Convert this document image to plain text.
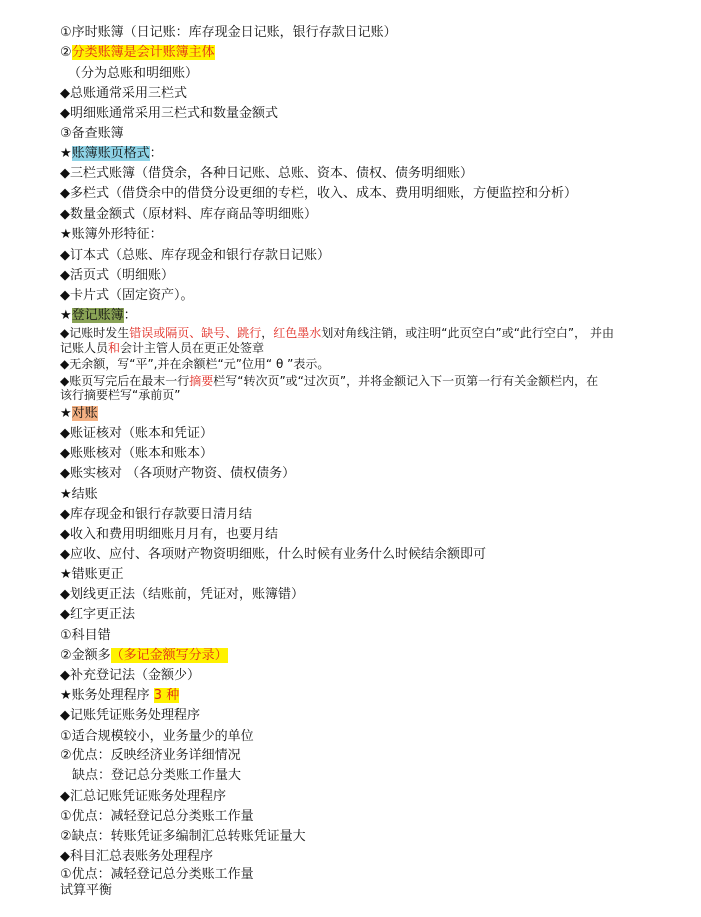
①序时账簿（日记账：库存现金日记账，银行存款日记账）
②分类账簿是会计账簿主体
（分为总账和明细账）
◆总账通常采用三栏式
◆明细账通常采用三栏式和数量金额式
③备查账簿
★账簿账页格式：
◆三栏式账簿（借贷余，各种日记账、总账、资本、债权、债务明细账）
◆多栏式（借贷余中的借贷分设更细的专栏，收入、成本、费用明细账，方便监控和分析）
◆数量金额式（原材料、库存商品等明细账）
★账簿外形特征：
◆订本式（总账、库存现金和银行存款日记账）
◆活页式（明细账）
◆卡片式（固定资产）。
★登记账簿：
◆记账时发生错误或隔页、缺号、跳行，红色墨水划对角线注销，或注明“此页空白”或“此行空白”， 并由
记账人员和会计主管人员在更正处签章
◆无余额，写“平”,并在余额栏“元”位用“ θ ”表示。
◆账页写完后在最末一行摘要栏写“转次页”或“过次页”，并将金额记入下一页第一行有关金额栏内，在
该行摘要栏写“承前页”
★对账
◆账证核对（账本和凭证）
◆账账核对（账本和账本）
◆账实核对 （各项财产物资、债权债务）
★结账
◆库存现金和银行存款要日清月结
◆收入和费用明细账月月有，也要月结
◆应收、应付、各项财产物资明细账，什么时候有业务什么时候结余额即可
★错账更正
◆划线更正法（结账前，凭证对，账簿错）
◆红字更正法
①科目错
②金额多（多记金额写分录）
◆补充登记法（金额少）
★账务处理程序 3 种
◆记账凭证账务处理程序
①适合规模较小，业务量少的单位
②优点：反映经济业务详细情况
缺点：登记总分类账工作量大
◆汇总记账凭证账务处理程序
①优点：减轻登记总分类账工作量
②缺点：转账凭证多编制汇总转账凭证量大
◆科目汇总表账务处理程序
①优点：减轻登记总分类账工作量
试算平衡
